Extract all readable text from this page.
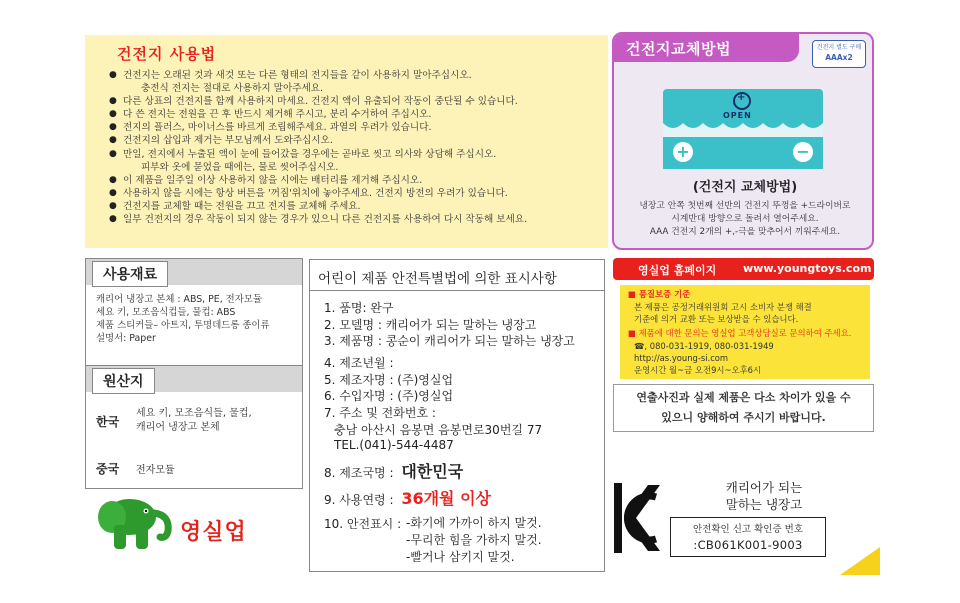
건전지 사용법
● 건전지는 오래된 것과 새것 또는 다른 형태의 전지들을 같이 사용하지 말아주십시오.
충전식 전지는 절대로 사용하지 말아주세요.
● 다른 상표의 건전지를 함께 사용하지 마세요. 건전지 액이 유출되어 작동이 중단될 수 있습니다.
● 다 쓴 전지는 전원을 끈 후 반드시 제거해 주시고, 분리 수거하여 주십시오.
● 전지의 플러스, 마이너스를 바르게 조립해주세요. 과열의 우려가 있습니다.
● 건전지의 삽입과 제거는 부모님께서 도와주십시오.
● 만일, 전지에서 누출된 액이 눈에 들어갔을 경우에는 곧바로 씻고 의사와 상담해 주십시오.
피부와 옷에 묻었을 때에는, 물로 씻어주십시오.
● 이 제품을 일주일 이상 사용하지 않을 시에는 배터리를 제거해 주십시오.
● 사용하지 않을 시에는 항상 버튼을 '꺼짐'위치에 놓아주세요. 건전지 방전의 우려가 있습니다.
● 건전지를 교체할 때는 전원을 끄고 전지를 교체해 주세요.
● 일부 건전지의 경우 작동이 되지 않는 경우가 있으니 다른 건전지를 사용하여 다시 작동해 보세요.
건전지교체방법	건전지 별도 구매
AAAx2
+
OPEN
+	−
(건전지 교체방법)
냉장고 안쪽 첫번째 선반의 건전지 뚜껑을 +드라이버로
시계반대 방향으로 돌려서 열어주세요.
AAA 건전지 2개의 +,-극을 맞추어서 끼워주세요.
영실업 홈페이지 www.youngtoys.com
■ 품질보증 기준
본 제품은 공정거래위원회 고시 소비자 분쟁 해결
기준에 의거 교환 또는 보상받을 수 있습니다.
■ 제품에 대한 문의는 영실업 고객상담실로 문의하여 주세요.
☎, 080-031-1919, 080-031-1949
http://as.young-si.com
운영시간 월~금 오전9시~오후6시
연출사진과 실제 제품은 다소 차이가 있을 수
있으니 양해하여 주시기 바랍니다.
사용재료
캐리어 냉장고 본체 : ABS, PE, 전자모듈
세요 키, 모조음식컵들, 물컵: ABS
제품 스티커들– 아트지, 투명데드롱 종이류
설명서: Paper
원산지
한국
세요 키, 모조음식들, 물컵,
캐리어 냉장고 본체
중국 전자모듈
영실업
어린이 제품 안전특별법에 의한 표시사항
1. 품명: 완구
2. 모델명 : 캐리어가 되는 말하는 냉장고
3. 제품명 : 콩순이 캐리어가 되는 말하는 냉장고
4. 제조년월 :
5. 제조자명 : (주)영실업
6. 수입자명 : (주)영실업
7. 주소 및 전화번호 :
충남 아산시 음봉면 음봉면로30번길 77
TEL.(041)-544-4487
8. 제조국명 : 대한민국
9. 사용연령 : 36개월 이상
10. 안전표시 : -화기에 가까이 하지 말것.
-무리한 힘을 가하지 말것.
-빨거나 삼키지 말것.
캐리어가 되는
말하는 냉장고
안전확인 신고 확인증 번호
:CB061K001-9003
